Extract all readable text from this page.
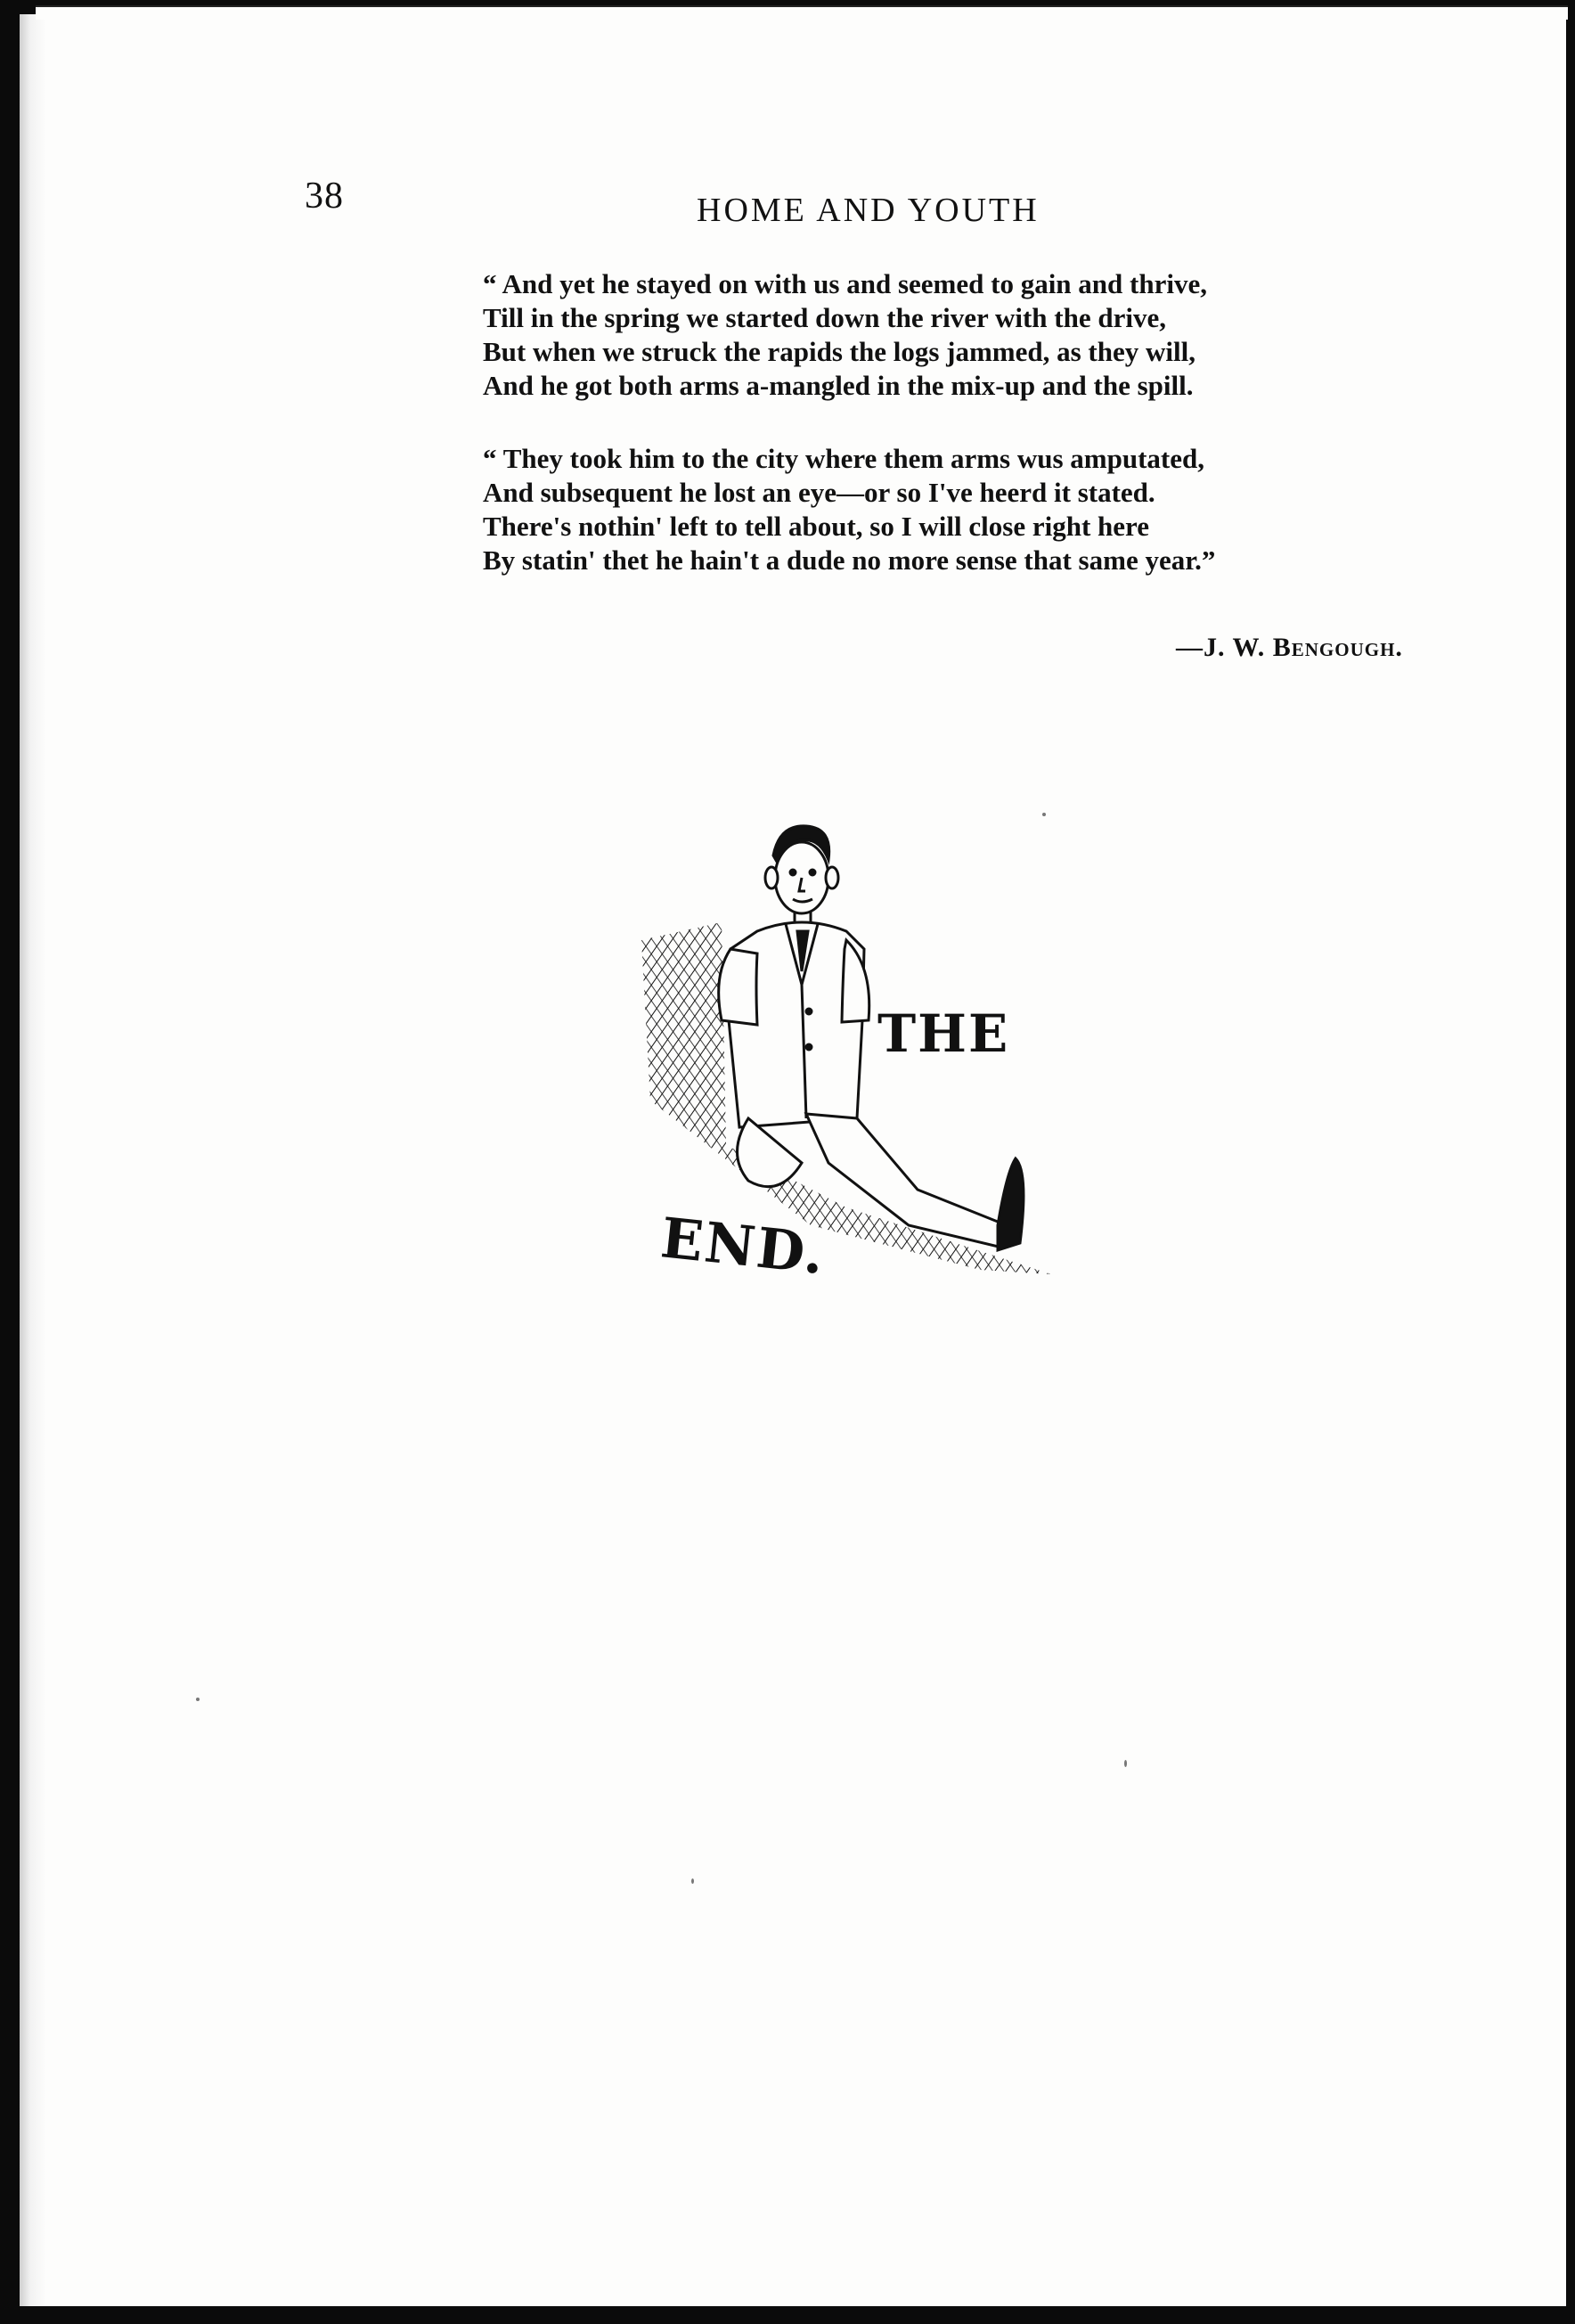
38	HOME AND YOUTH
“ And yet he stayed on with us and seemed to gain and thrive,
Till in the spring we started down the river with the drive,
But when we struck the rapids the logs jammed, as they will,
And he got both arms a-mangled in the mix-up and the spill.
“ They took him to the city where them arms wus amputated,
And subsequent he lost an eye—or so I've heerd it stated.
There's nothin' left to tell about, so I will close right here
By statin' thet he hain't a dude no more sense that same year.”
—J. W. Bengough.
THE
END.
